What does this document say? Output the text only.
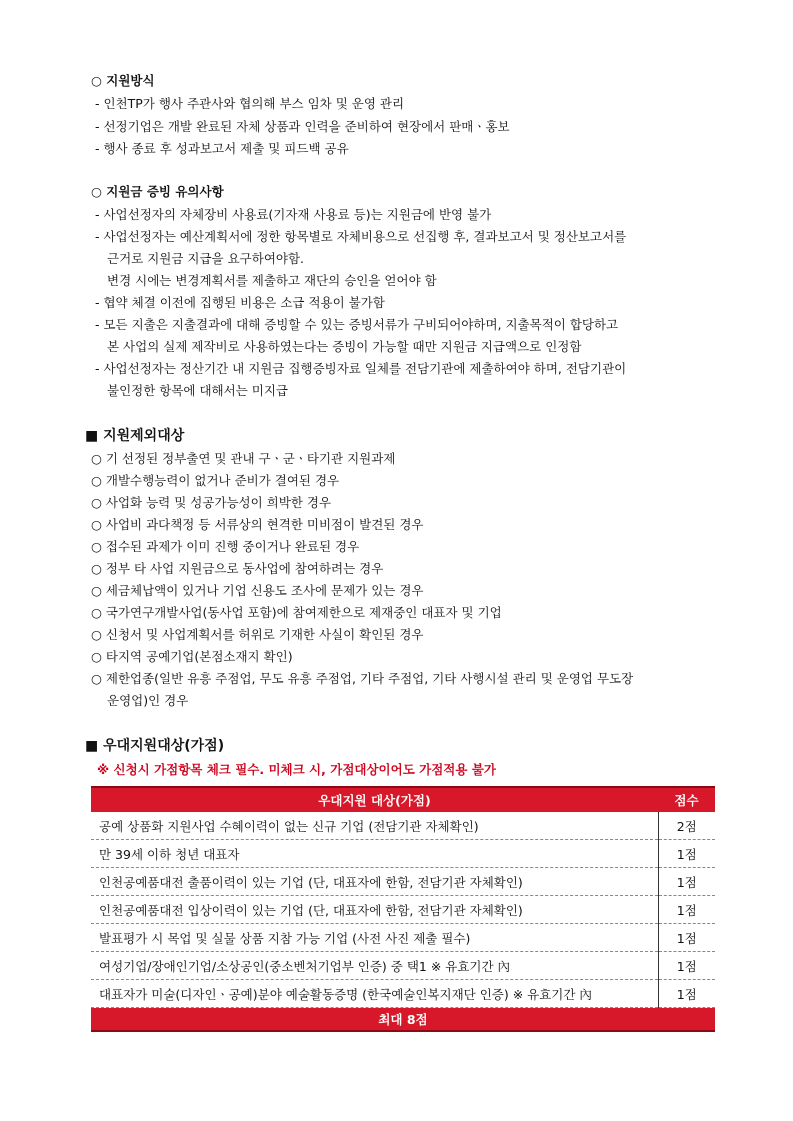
○ 지원방식
- 인천TP가 행사 주관사와 협의해 부스 임차 및 운영 관리
- 선정기업은 개발 완료된 자체 상품과 인력을 준비하여 현장에서 판매ㆍ홍보
- 행사 종료 후 성과보고서 제출 및 피드백 공유
○ 지원금 증빙 유의사항
- 사업선정자의 자체장비 사용료(기자재 사용료 등)는 지원금에 반영 불가
- 사업선정자는 예산계획서에 정한 항목별로 자체비용으로 선집행 후, 결과보고서 및 정산보고서를
근거로 지원금 지급을 요구하여야함.
변경 시에는 변경계획서를 제출하고 재단의 승인을 얻어야 함
- 협약 체결 이전에 집행된 비용은 소급 적용이 불가함
- 모든 지출은 지출결과에 대해 증빙할 수 있는 증빙서류가 구비되어야하며, 지출목적이 합당하고
본 사업의 실제 제작비로 사용하였는다는 증빙이 가능할 때만 지원금 지급액으로 인정함
- 사업선정자는 정산기간 내 지원금 집행증빙자료 일체를 전담기관에 제출하여야 하며, 전담기관이
불인정한 항목에 대해서는 미지급
■ 지원제외대상
○ 기 선정된 정부출연 및 관내 구ㆍ군ㆍ타기관 지원과제
○ 개발수행능력이 없거나 준비가 결여된 경우
○ 사업화 능력 및 성공가능성이 희박한 경우
○ 사업비 과다책정 등 서류상의 현격한 미비점이 발견된 경우
○ 접수된 과제가 이미 진행 중이거나 완료된 경우
○ 정부 타 사업 지원금으로 동사업에 참여하려는 경우
○ 세금체납액이 있거나 기업 신용도 조사에 문제가 있는 경우
○ 국가연구개발사업(동사업 포함)에 참여제한으로 제재중인 대표자 및 기업
○ 신청서 및 사업계획서를 허위로 기재한 사실이 확인된 경우
○ 타지역 공예기업(본점소재지 확인)
○ 제한업종(일반 유흥 주점업, 무도 유흥 주점업, 기타 주점업, 기타 사행시설 관리 및 운영업 무도장
운영업)인 경우
■ 우대지원대상(가점)
※ 신청시 가점항목 체크 필수. 미체크 시, 가점대상이어도 가점적용 불가
우대지원 대상(가점)	점수
공예 상품화 지원사업 수혜이력이 없는 신규 기업 (전담기관 자체확인)	2점
만 39세 이하 청년 대표자	1점
인천공예품대전 출품이력이 있는 기업 (단, 대표자에 한함, 전담기관 자체확인)	1점
인천공예품대전 입상이력이 있는 기업 (단, 대표자에 한함, 전담기관 자체확인)	1점
발표평가 시 목업 및 실물 상품 지참 가능 기업 (사전 사진 제출 필수)	1점
여성기업/장애인기업/소상공인(중소벤처기업부 인증) 중 택1 ※ 유효기간 內	1점
대표자가 미술(디자인ㆍ공예)분야 예술활동증명 (한국예술인복지재단 인증) ※ 유효기간 內	1점
최대 8점	
